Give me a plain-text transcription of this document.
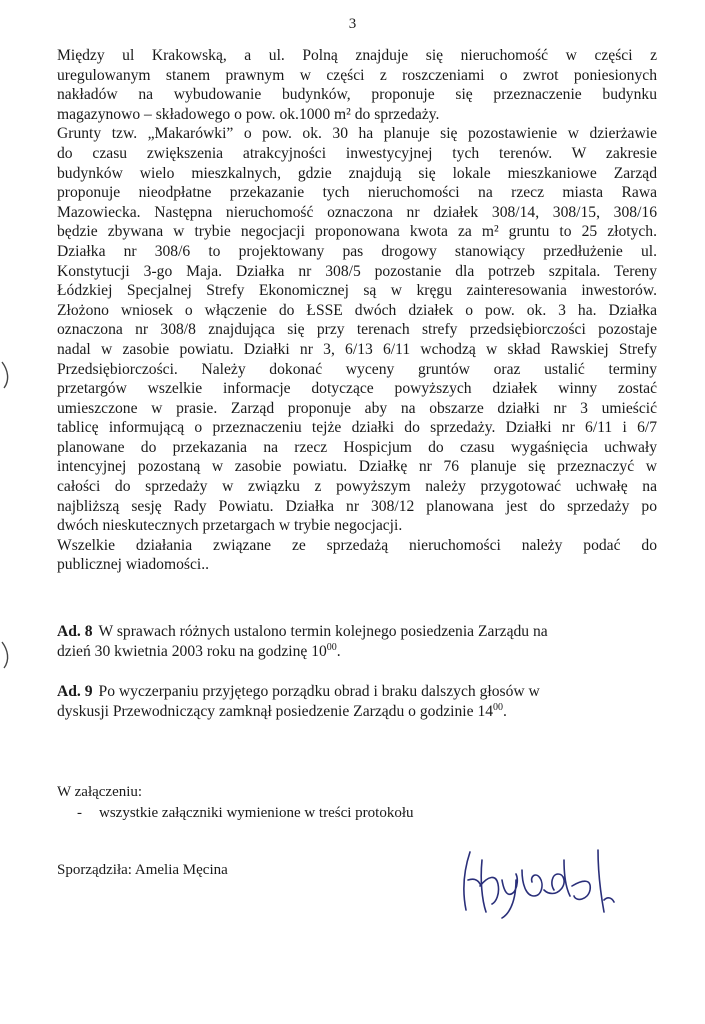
3
Między ul Krakowską, a ul. Polną znajduje się nieruchomość w części z
uregulowanym stanem prawnym w części z roszczeniami o zwrot poniesionych
nakładów na wybudowanie budynków, proponuje się przeznaczenie budynku
magazynowo – składowego o pow. ok.1000 m² do sprzedaży.
Grunty tzw. „Makarówki” o pow. ok. 30 ha planuje się pozostawienie w dzierżawie
do czasu zwiększenia atrakcyjności inwestycyjnej tych terenów. W zakresie
budynków wielo mieszkalnych, gdzie znajdują się lokale mieszkaniowe Zarząd
proponuje nieodpłatne przekazanie tych nieruchomości na rzecz miasta Rawa
Mazowiecka. Następna nieruchomość oznaczona nr działek 308/14, 308/15, 308/16
będzie zbywana w trybie negocjacji proponowana kwota za m² gruntu to 25 złotych.
Działka nr 308/6 to projektowany pas drogowy stanowiący przedłużenie ul.
Konstytucji 3-go Maja. Działka nr 308/5 pozostanie dla potrzeb szpitala. Tereny
Łódzkiej Specjalnej Strefy Ekonomicznej są w kręgu zainteresowania inwestorów.
Złożono wniosek o włączenie do ŁSSE dwóch działek o pow. ok. 3 ha. Działka
oznaczona nr 308/8 znajdująca się przy terenach strefy przedsiębiorczości pozostaje
nadal w zasobie powiatu. Działki nr 3, 6/13 6/11 wchodzą w skład Rawskiej Strefy
Przedsiębiorczości. Należy dokonać wyceny gruntów oraz ustalić terminy
przetargów wszelkie informacje dotyczące powyższych działek winny zostać
umieszczone w prasie. Zarząd proponuje aby na obszarze działki nr 3 umieścić
tablicę informującą o przeznaczeniu tejże działki do sprzedaży. Działki nr 6/11 i 6/7
planowane do przekazania na rzecz Hospicjum do czasu wygaśnięcia uchwały
intencyjnej pozostaną w zasobie powiatu. Działkę nr 76 planuje się przeznaczyć w
całości do sprzedaży w związku z powyższym należy przygotować uchwałę na
najbliższą sesję Rady Powiatu. Działka nr 308/12 planowana jest do sprzedaży po
dwóch nieskutecznych przetargach w trybie negocjacji.
Wszelkie działania związane ze sprzedażą nieruchomości należy podać do
publicznej wiadomości..
Ad. 8 W sprawach różnych ustalono termin kolejnego posiedzenia Zarządu na
dzień 30 kwietnia 2003 roku na godzinę $10^{00}$.
Ad. 9 Po wyczerpaniu przyjętego porządku obrad i braku dalszych głosów w
dyskusji Przewodniczący zamknął posiedzenie Zarządu o godzinie $14^{00}$.
W załączeniu:
- wszystkie załączniki wymienione w treści protokołu
Sporządziła: Amelia Męcina
